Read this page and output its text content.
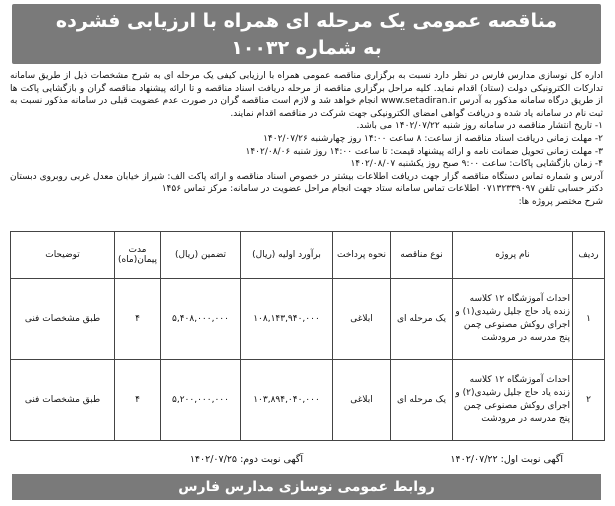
مناقصه عمومی یک مرحله ای همراه با ارزیابی فشرده
به شماره ۱۰۰۳۲

اداره کل نوسازی مدارس فارس در نظر دارد نسبت به برگزاری مناقصه عمومی همراه با ارزیابی کیفی یک مرحله ای به شرح مشخصات ذیل از طریق سامانه تدارکات الکترونیکی دولت (ستاد) اقدام نماید. کلیه مراحل برگزاری مناقصه از مرحله دریافت اسناد مناقصه و تا ارائه پیشنهاد مناقصه گران و بازگشایی پاکت ها از طریق درگاه سامانه مذکور به آدرس www.setadiran.ir انجام خواهد شد و لازم است مناقصه گران در صورت عدم عضویت قبلی در سامانه مذکور نسبت به ثبت نام در سامانه یاد شده و دریافت گواهی امضای الکترونیکی جهت شرکت در مناقصه اقدام نمایند.

۱- تاریخ انتشار مناقصه در سامانه روز شنبه ۱۴۰۲/۰۷/۲۲ می باشد.

۲- مهلت زمانی دریافت اسناد مناقصه از ساعت: ۸ ساعت ۱۴:۰۰ روز چهارشنبه ۱۴۰۲/۰۷/۲۶

۳- مهلت زمانی تحویل ضمانت نامه و ارائه پیشنهاد قیمت: تا ساعت ۱۴:۰۰ روز شنبه ۱۴۰۲/۰۸/۰۶

۴- زمان بازگشایی پاکات: ساعت ۹:۰۰ صبح روز یکشنبه ۱۴۰۲/۰۸/۰۷

آدرس و شماره تماس دستگاه مناقصه گزار جهت دریافت اطلاعات بیشتر در خصوص اسناد مناقصه و ارائه پاکت الف: شیراز خیابان معدل غربی روبروی دبستان دکتر حسابی تلفن ۰۷۱۳۲۳۳۹۰۹۷ اطلاعات تماس سامانه ستاد جهت انجام مراحل عضویت در سامانه: مرکز تماس ۱۴۵۶

شرح مختصر پروژه ها:

ردیف	نام پروژه	نوع مناقصه	نحوه پرداخت	برآورد اولیه (ریال)	تضمین (ریال)	مدت پیمان(ماه)	توضیحات
۱	احداث آموزشگاه ۱۲ کلاسه زنده یاد حاج جلیل رشیدی(۱) و اجرای روکش مصنوعی چمن پنج مدرسه در مرودشت	یک مرحله ای	ابلاغی	۱۰۸,۱۴۳,۹۴۰,۰۰۰	۵,۴۰۸,۰۰۰,۰۰۰	۴	طبق مشخصات فنی
۲	احداث آموزشگاه ۱۲ کلاسه زنده یاد حاج جلیل رشیدی(۲) و اجرای روکش مصنوعی چمن پنج مدرسه در مرودشت	یک مرحله ای	ابلاغی	۱۰۳,۸۹۴,۰۴۰,۰۰۰	۵,۲۰۰,۰۰۰,۰۰۰	۴	طبق مشخصات فنی
آگهی نوبت اول: ۱۴۰۲/۰۷/۲۲
آگهی نوبت دوم: ۱۴۰۲/۰۷/۲۵
روابط عمومی نوسازی مدارس فارس
